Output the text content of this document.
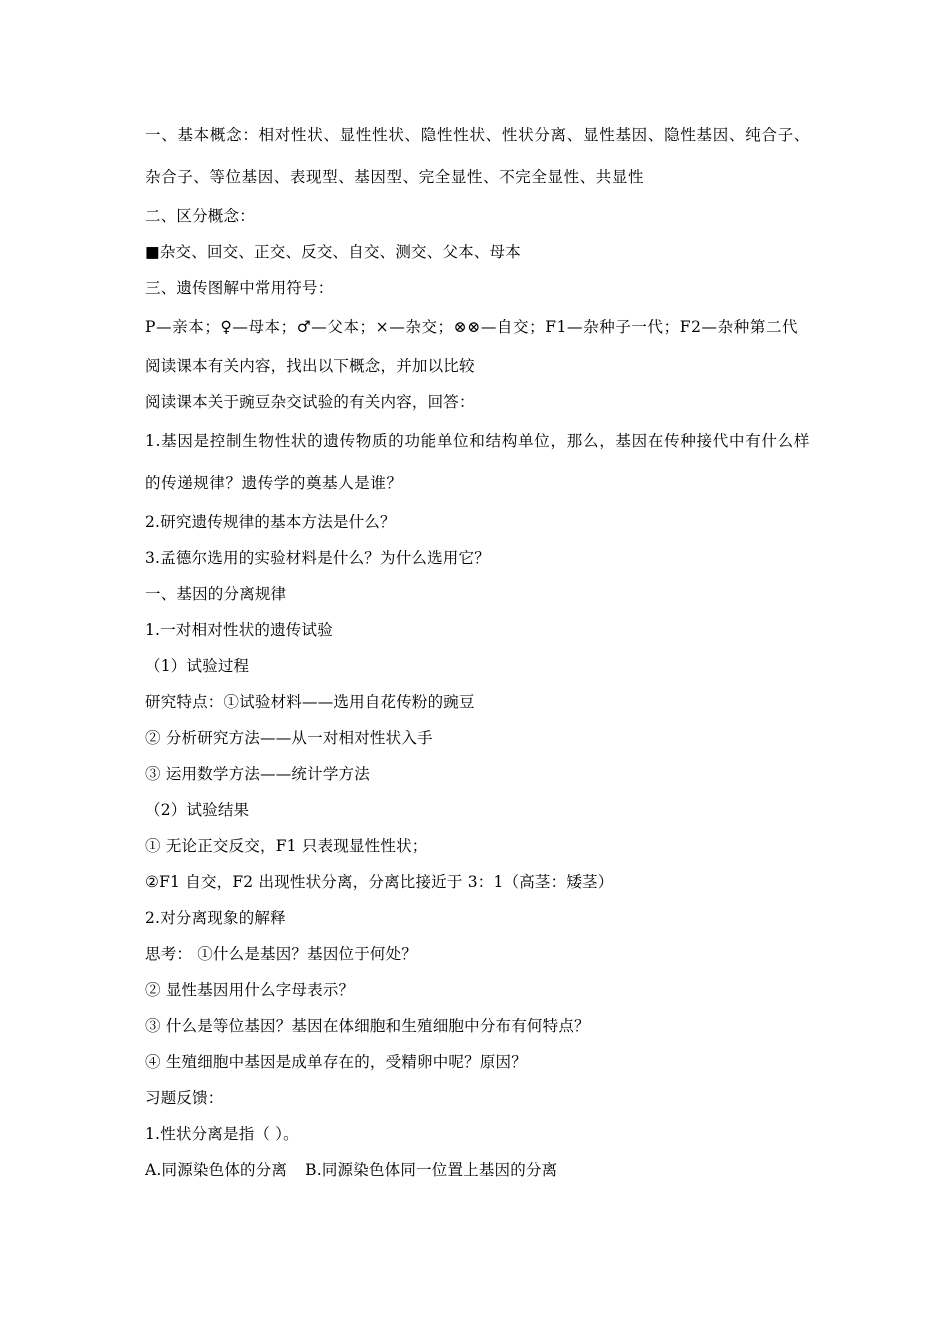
一、基本概念：相对性状、显性性状、隐性性状、性状分离、显性基因、隐性基因、纯合子、杂合子、等位基因、表现型、基因型、完全显性、不完全显性、共显性
二、区分概念：
■杂交、回交、正交、反交、自交、测交、父本、母本
三、遗传图解中常用符号：
P—亲本；♀—母本；♂—父本；×—杂交；⊗⊗—自交；F1—杂种子一代；F2—杂种第二代
阅读课本有关内容，找出以下概念，并加以比较
阅读课本关于豌豆杂交试验的有关内容，回答：
1.基因是控制生物性状的遗传物质的功能单位和结构单位，那么，基因在传种接代中有什么样的传递规律？遗传学的奠基人是谁？
2.研究遗传规律的基本方法是什么？
3.孟德尔选用的实验材料是什么？为什么选用它？
一、基因的分离规律
1.一对相对性状的遗传试验
（1）试验过程
研究特点：①试验材料——选用自花传粉的豌豆
② 分析研究方法——从一对相对性状入手
③ 运用数学方法——统计学方法
（2）试验结果
① 无论正交反交，F1 只表现显性性状；
②F1 自交，F2 出现性状分离，分离比接近于 3：1（高茎：矮茎）
2.对分离现象的解释
思考： ①什么是基因？基因位于何处？
② 显性基因用什么字母表示？
③ 什么是等位基因？基因在体细胞和生殖细胞中分布有何特点？
④ 生殖细胞中基因是成单存在的，受精卵中呢？原因？
习题反馈：
1.性状分离是指（ ）。
A.同源染色体的分离 B.同源染色体同一位置上基因的分离
